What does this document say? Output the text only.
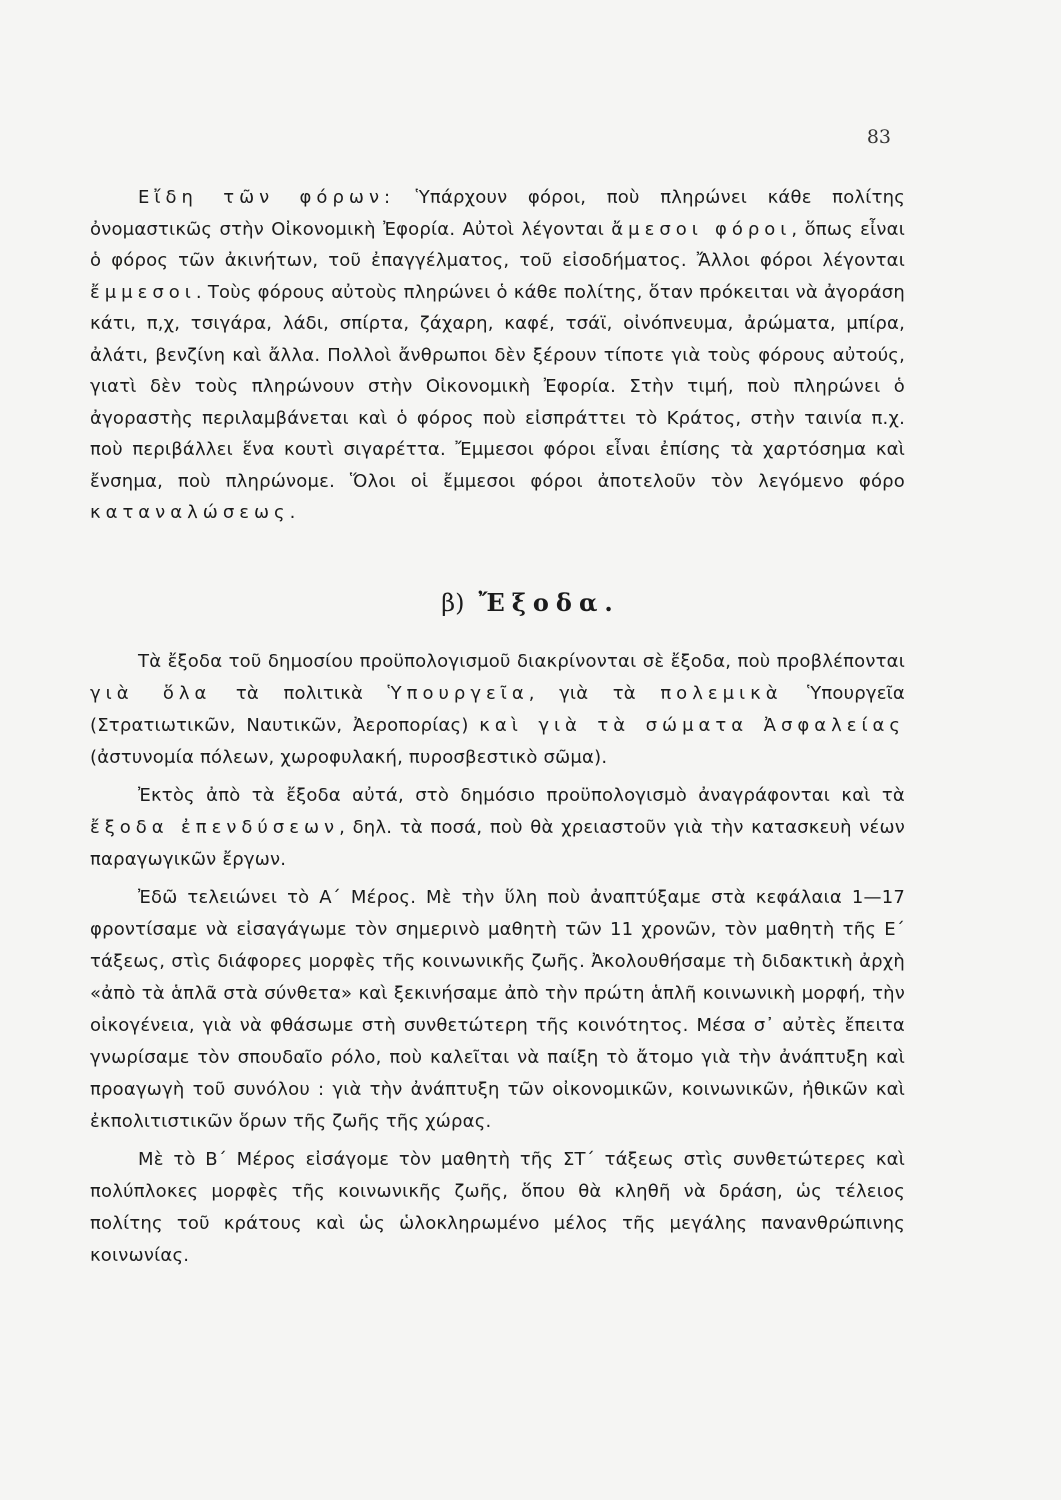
83

Εἴδη τῶν φόρων: Ὑπάρχουν φόροι, ποὺ πληρώνει κάθε πολίτης ὀνομαστικῶς στὴν Οἰκονομικὴ Ἐφορία. Αὐτοὶ λέγονται ἄμεσοι φόροι, ὅπως εἶναι ὁ φόρος τῶν ἀκινήτων, τοῦ ἐπαγγέλματος, τοῦ εἰσοδήματος. Ἄλλοι φόροι λέγονται ἔμμεσοι. Τοὺς φόρους αὐτοὺς πληρώνει ὁ κάθε πολίτης, ὅταν πρόκειται νὰ ἀγοράση κάτι, π,χ, τσιγάρα, λάδι, σπίρτα, ζάχαρη, καφέ, τσάϊ, οἰνόπνευμα, ἀρώματα, μπίρα, ἀλάτι, βενζίνη καὶ ἄλλα. Πολλοὶ ἄνθρωποι δὲν ξέρουν τίποτε γιὰ τοὺς φόρους αὐτούς, γιατὶ δὲν τοὺς πληρώνουν στὴν Οἰκονομικὴ Ἐφορία. Στὴν τιμή, ποὺ πληρώνει ὁ ἀγοραστὴς περιλαμβάνεται καὶ ὁ φόρος ποὺ εἰσπράττει τὸ Κράτος, στὴν ταινία π.χ. ποὺ περιβάλλει ἕνα κουτὶ σιγαρέττα. Ἔμμεσοι φόροι εἶναι ἐπίσης τὰ χαρτόσημα καὶ ἔνσημα, ποὺ πληρώνομε. Ὅλοι οἱ ἔμμεσοι φόροι ἀποτελοῦν τὸν λεγόμενο φόρο καταναλώσεως.

β) Ἔξοδα.

Τὰ ἔξοδα τοῦ δημοσίου προϋπολογισμοῦ διακρίνονται σὲ ἔξοδα, ποὺ προβλέπονται γιὰ ὅλα τὰ πολιτικὰ Ὑπουργεῖα, γιὰ τὰ πολεμικὰ Ὑπουργεῖα (Στρατιωτικῶν, Ναυτικῶν, Ἀεροπορίας) καὶ γιὰ τὰ σώματα Ἀσφαλείας (ἀστυνομία πόλεων, χωροφυλακή, πυροσβεστικὸ σῶμα).

Ἐκτὸς ἀπὸ τὰ ἔξοδα αὐτά, στὸ δημόσιο προϋπολογισμὸ ἀναγράφονται καὶ τὰ ἔξοδα ἐπενδύσεων, δηλ. τὰ ποσά, ποὺ θὰ χρειαστοῦν γιὰ τὴν κατασκευὴ νέων παραγωγικῶν ἔργων.

Ἐδῶ τελειώνει τὸ Α΄ Μέρος. Μὲ τὴν ὕλη ποὺ ἀναπτύξαμε στὰ κεφάλαια 1—17 φροντίσαμε νὰ εἰσαγάγωμε τὸν σημερινὸ μαθητὴ τῶν 11 χρονῶν, τὸν μαθητὴ τῆς Ε΄ τάξεως, στὶς διάφορες μορφὲς τῆς κοινωνικῆς ζωῆς. Ἀκολουθήσαμε τὴ διδακτικὴ ἀρχὴ «ἀπὸ τὰ ἁπλᾶ στὰ σύνθετα» καὶ ξεκινήσαμε ἀπὸ τὴν πρώτη ἁπλῆ κοινωνικὴ μορφή, τὴν οἰκογένεια, γιὰ νὰ φθάσωμε στὴ συνθετώτερη τῆς κοινότητος. Μέσα σ᾽ αὐτὲς ἔπειτα γνωρίσαμε τὸν σπουδαῖο ρόλο, ποὺ καλεῖται νὰ παίξη τὸ ἄτομο γιὰ τὴν ἀνάπτυξη καὶ προαγωγὴ τοῦ συνόλου : γιὰ τὴν ἀνάπτυξη τῶν οἰκονομικῶν, κοινωνικῶν, ἠθικῶν καὶ ἐκπολιτιστικῶν ὅρων τῆς ζωῆς τῆς χώρας.

Μὲ τὸ Β΄ Μέρος εἰσάγομε τὸν μαθητὴ τῆς ΣΤ΄ τάξεως στὶς συνθετώτερες καὶ πολύπλοκες μορφὲς τῆς κοινωνικῆς ζωῆς, ὅπου θὰ κληθῆ νὰ δράση, ὡς τέλειος πολίτης τοῦ κράτους καὶ ὡς ὡλοκληρωμένο μέλος τῆς μεγάλης πανανθρώπινης κοινωνίας.
